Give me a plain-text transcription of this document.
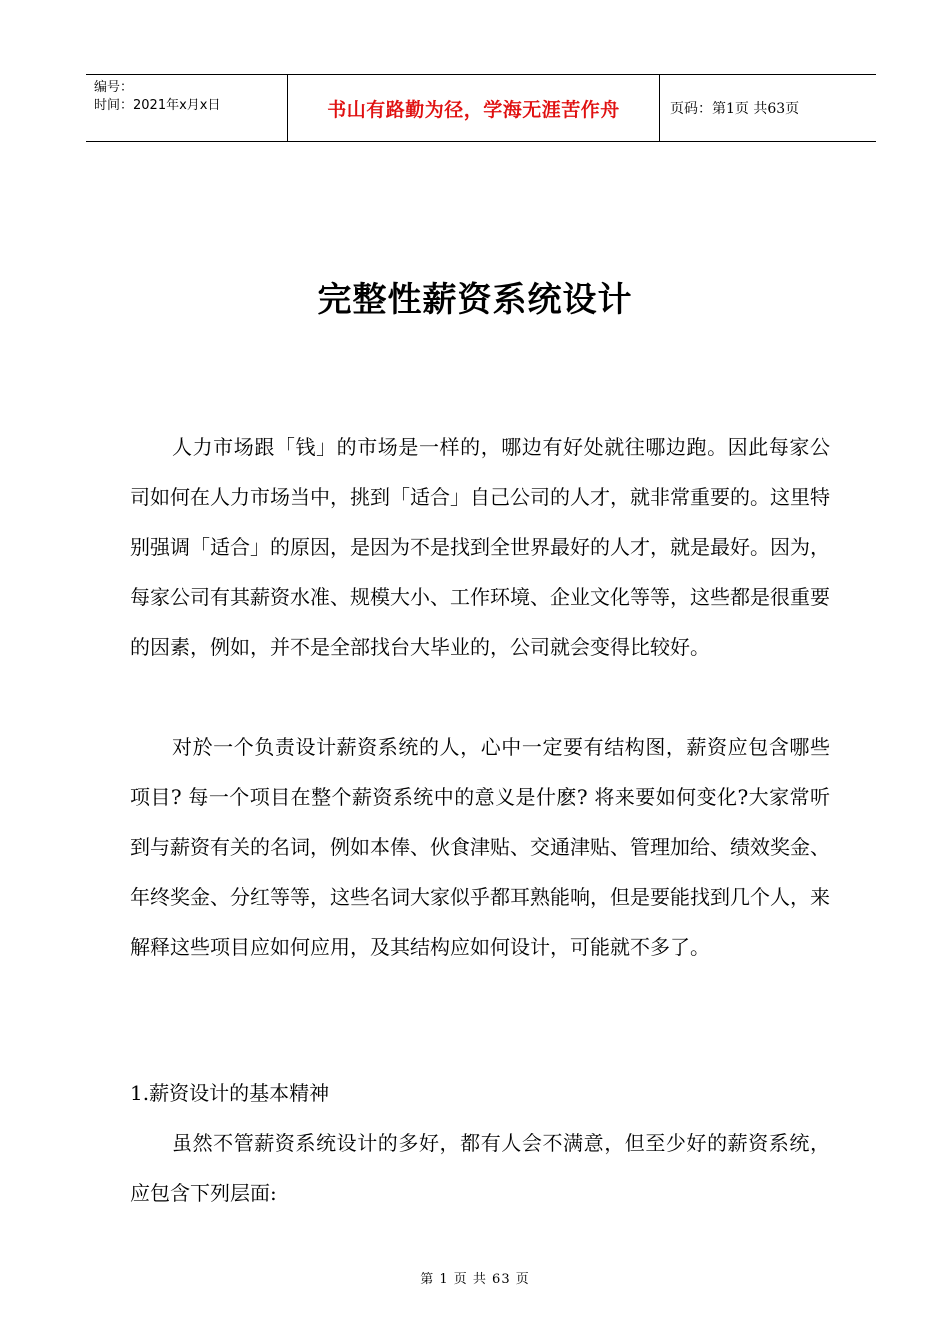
编号：
时间：2021年x月x日	书山有路勤为径，学海无涯苦作舟	页码：第1页 共63页
完整性薪资系统设计

人力市场跟「钱」的市场是一样的，哪边有好处就往哪边跑。因此每家公司如何在人力市场当中，挑到「适合」自己公司的人才，就非常重要的。这里特别强调「适合」的原因，是因为不是找到全世界最好的人才，就是最好。因为，每家公司有其薪资水准、规模大小、工作环境、企业文化等等，这些都是很重要的因素，例如，并不是全部找台大毕业的，公司就会变得比较好。

对於一个负责设计薪资系统的人，心中一定要有结构图，薪资应包含哪些项目? 每一个项目在整个薪资系统中的意义是什麽? 将来要如何变化?大家常听到与薪资有关的名词，例如本俸、伙食津贴、交通津贴、管理加给、绩效奖金、年终奖金、分红等等，这些名词大家似乎都耳熟能响，但是要能找到几个人，来解释这些项目应如何应用，及其结构应如何设计，可能就不多了。

1.薪资设计的基本精神

虽然不管薪资系统设计的多好，都有人会不满意，但至少好的薪资系统，应包含下列层面:

第 1 页 共 63 页
